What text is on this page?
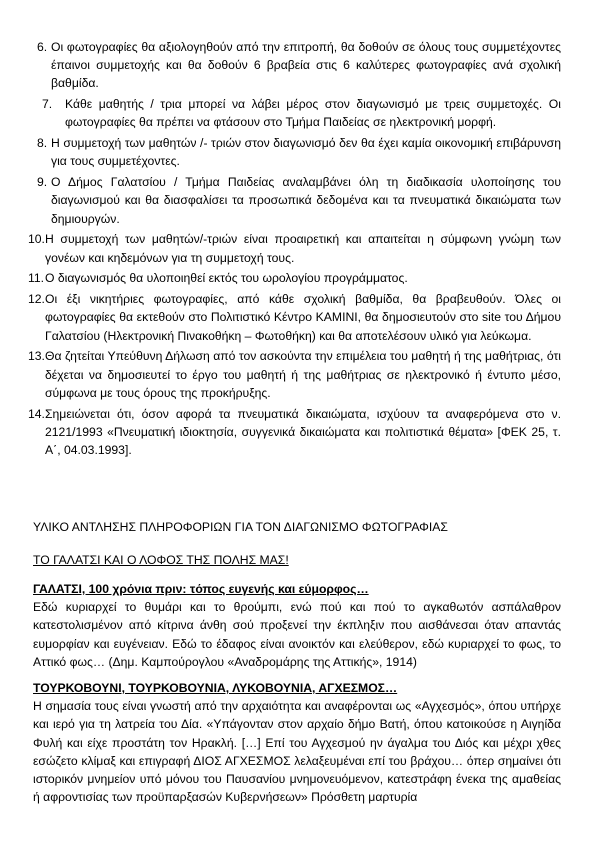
6. Οι φωτογραφίες θα αξιολογηθούν από την επιτροπή, θα δοθούν σε όλους τους συμμετέχοντες έπαινοι συμμετοχής και θα δοθούν 6 βραβεία στις 6 καλύτερες φωτογραφίες ανά σχολική βαθμίδα.
7. Κάθε μαθητής / τρια μπορεί να λάβει μέρος στον διαγωνισμό με τρεις συμμετοχές. Οι φωτογραφίες θα πρέπει να φτάσουν στο Τμήμα Παιδείας σε ηλεκτρονική μορφή.
8. Η συμμετοχή των μαθητών /- τριών στον διαγωνισμό δεν θα έχει καμία οικονομική επιβάρυνση για τους συμμετέχοντες.
9. Ο Δήμος Γαλατσίου / Τμήμα Παιδείας αναλαμβάνει όλη τη διαδικασία υλοποίησης του διαγωνισμού και θα διασφαλίσει τα προσωπικά δεδομένα και τα πνευματικά δικαιώματα των δημιουργών.
10. Η συμμετοχή των μαθητών/-τριών είναι προαιρετική και απαιτείται η σύμφωνη γνώμη των γονέων και κηδεμόνων για τη συμμετοχή τους.
11. Ο διαγωνισμός θα υλοποιηθεί εκτός του ωρολογίου προγράμματος.
12. Οι έξι νικητήριες φωτογραφίες, από κάθε σχολική βαθμίδα, θα βραβευθούν. Όλες οι φωτογραφίες θα εκτεθούν στο Πολιτιστικό Κέντρο ΚΑΜΙΝΙ, θα δημοσιευτούν στο site του Δήμου Γαλατσίου (Ηλεκτρονική Πινακοθήκη – Φωτοθήκη) και θα αποτελέσουν υλικό για λεύκωμα.
13. Θα ζητείται Υπεύθυνη Δήλωση από τον ασκούντα την επιμέλεια του μαθητή ή της μαθήτριας, ότι δέχεται να δημοσιευτεί το έργο του μαθητή ή της μαθήτριας σε ηλεκτρονικό ή έντυπο μέσο, σύμφωνα με τους όρους της προκήρυξης.
14. Σημειώνεται ότι, όσον αφορά τα πνευματικά δικαιώματα, ισχύουν τα αναφερόμενα στο ν. 2121/1993 «Πνευματική ιδιοκτησία, συγγενικά δικαιώματα και πολιτιστικά θέματα» [ΦΕΚ 25, τ. Α΄, 04.03.1993].
ΥΛΙΚΟ ΑΝΤΛΗΣΗΣ ΠΛΗΡΟΦΟΡΙΩΝ ΓΙΑ ΤΟΝ ΔΙΑΓΩΝΙΣΜΟ ΦΩΤΟΓΡΑΦΙΑΣ
ΤΟ ΓΑΛΑΤΣΙ ΚΑΙ Ο ΛΟΦΟΣ ΤΗΣ ΠΟΛΗΣ ΜΑΣ!
ΓΑΛΑΤΣΙ, 100 χρόνια πριν: τόπος ευγενής και εύμορφος…
Εδώ κυριαρχεί το θυμάρι και το θρούμπι, ενώ πού και πού το αγκαθωτόν ασπάλαθρον κατεστολισμένον από κίτρινα άνθη σού προξενεί την έκπληξιν που αισθάνεσαι όταν απαντάς ευμορφίαν και ευγένειαν. Εδώ το έδαφος είναι ανοικτόν και ελεύθερον, εδώ κυριαρχεί το φως, το Αττικό φως… (Δημ. Καμπούρογλου «Αναδρομάρης της Αττικής», 1914)
ΤΟΥΡΚΟΒΟΥΝΙ, ΤΟΥΡΚΟΒΟΥΝΙΑ, ΛΥΚΟΒΟΥΝΙΑ, ΑΓΧΕΣΜΟΣ…
Η σημασία τους είναι γνωστή από την αρχαιότητα και αναφέρονται ως «Αγχεσμός», όπου υπήρχε και ιερό για τη λατρεία του Δία. «Υπάγονταν στον αρχαίο δήμο Βατή, όπου κατοικούσε η Αιγηίδα Φυλή και είχε προστάτη τον Ηρακλή. […] Επί του Αγχεσμού ην άγαλμα του Διός και μέχρι χθες εσώζετο κλίμαξ και επιγραφή ΔΙΟΣ ΑΓΧΕΣΜΟΣ λελαξευμέναι επί του βράχου… όπερ σημαίνει ότι ιστορικόν μνημείον υπό μόνου του Παυσανίου μνημονευόμενον, κατεστράφη ένεκα της αμαθείας ή αφροντισίας των προϋπαρξασών Κυβερνήσεων» Πρόσθετη μαρτυρία
